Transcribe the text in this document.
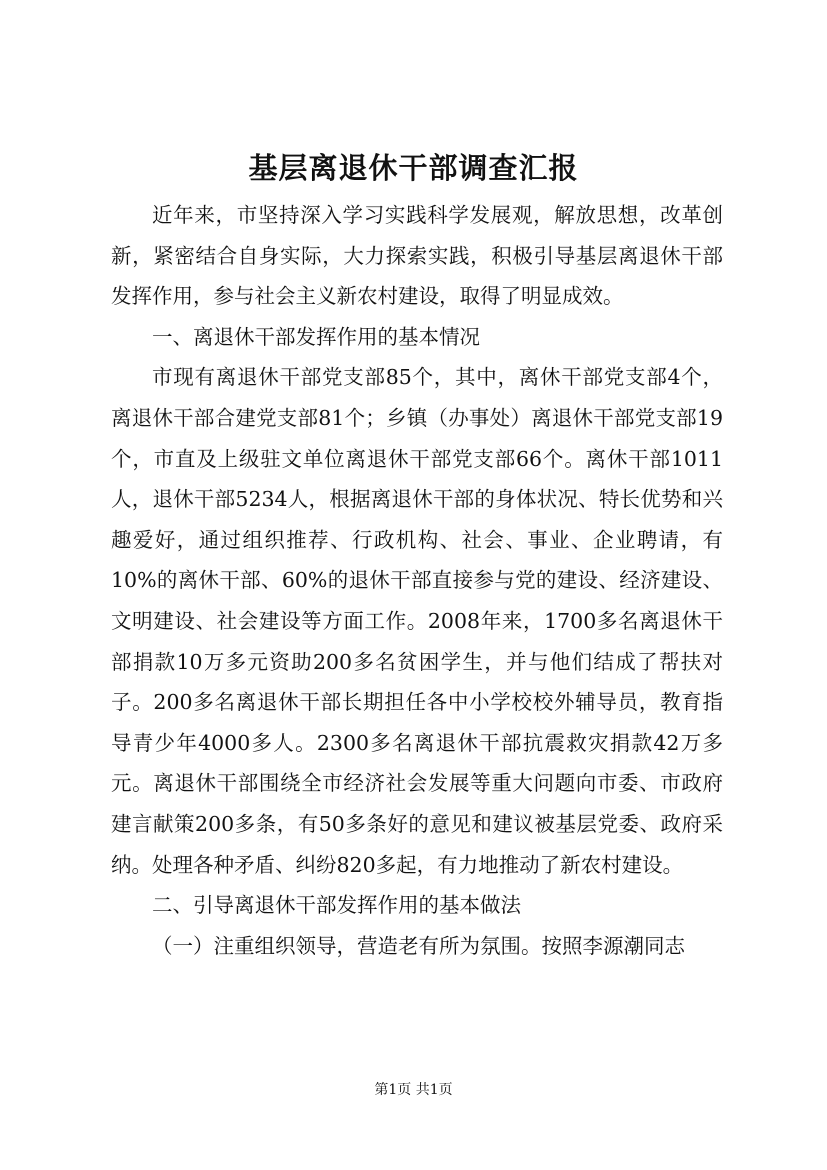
基层离退休干部调查汇报

近年来，市坚持深入学习实践科学发展观，解放思想，改革创新，紧密结合自身实际，大力探索实践，积极引导基层离退休干部发挥作用，参与社会主义新农村建设，取得了明显成效。

一、离退休干部发挥作用的基本情况

市现有离退休干部党支部85个，其中，离休干部党支部4个，离退休干部合建党支部81个；乡镇（办事处）离退休干部党支部19个，市直及上级驻文单位离退休干部党支部66个。离休干部1011人，退休干部5234人，根据离退休干部的身体状况、特长优势和兴趣爱好，通过组织推荐、行政机构、社会、事业、企业聘请，有10%的离休干部、60%的退休干部直接参与党的建设、经济建设、文明建设、社会建设等方面工作。2008年来，1700多名离退休干部捐款10万多元资助200多名贫困学生，并与他们结成了帮扶对子。200多名离退休干部长期担任各中小学校校外辅导员，教育指导青少年4000多人。2300多名离退休干部抗震救灾捐款42万多元。离退休干部围绕全市经济社会发展等重大问题向市委、市政府建言献策200多条，有50多条好的意见和建议被基层党委、政府采纳。处理各种矛盾、纠纷820多起，有力地推动了新农村建设。

二、引导离退休干部发挥作用的基本做法

（一）注重组织领导，营造老有所为氛围。按照李源潮同志

第1页 共1页
